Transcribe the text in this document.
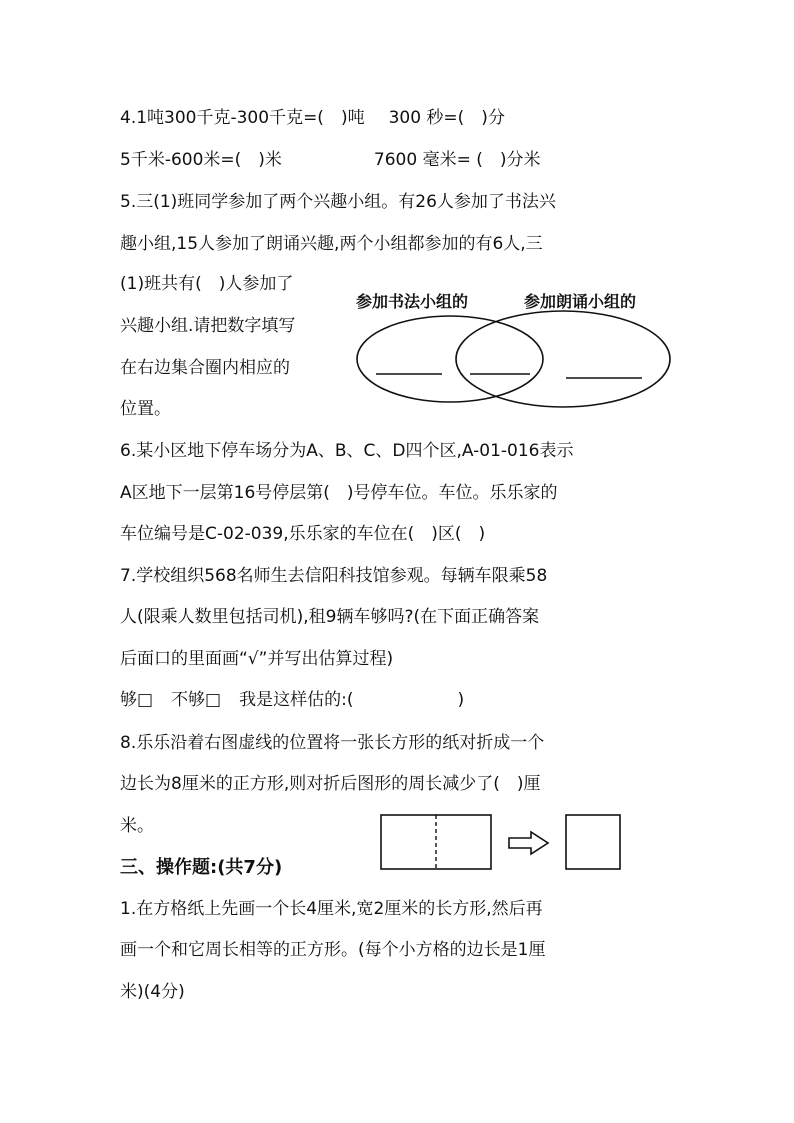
4.1吨300千克-300千克=(　)吨 300 秒=(　)分
5千米-600米=(　)米	7600 毫米= (　)分米
5.三(1)班同学参加了两个兴趣小组。有26人参加了书法兴
趣小组,15人参加了朗诵兴趣,两个小组都参加的有6人,三
(1)班共有(　)人参加了
兴趣小组.请把数字填写
在右边集合圈内相应的
位置。
参加书法小组的	参加朗诵小组的
6.某小区地下停车场分为A、B、C、D四个区,A-01-016表示
A区地下一层第16号停层第(　)号停车位。车位。乐乐家的
车位编号是C-02-039,乐乐家的车位在(　)区(　)
7.学校组织568名师生去信阳科技馆参观。每辆车限乘58
人(限乘人数里包括司机),租9辆车够吗?(在下面正确答案
后面口的里面画“√”并写出估算过程)
够□ 不够□ 我是这样估的:(	)
8.乐乐沿着右图虚线的位置将一张长方形的纸对折成一个
边长为8厘米的正方形,则对折后图形的周长减少了(　)厘
米。
三、操作题:(共7分)
1.在方格纸上先画一个长4厘米,宽2厘米的长方形,然后再
画一个和它周长相等的正方形。(每个小方格的边长是1厘
米)(4分)
